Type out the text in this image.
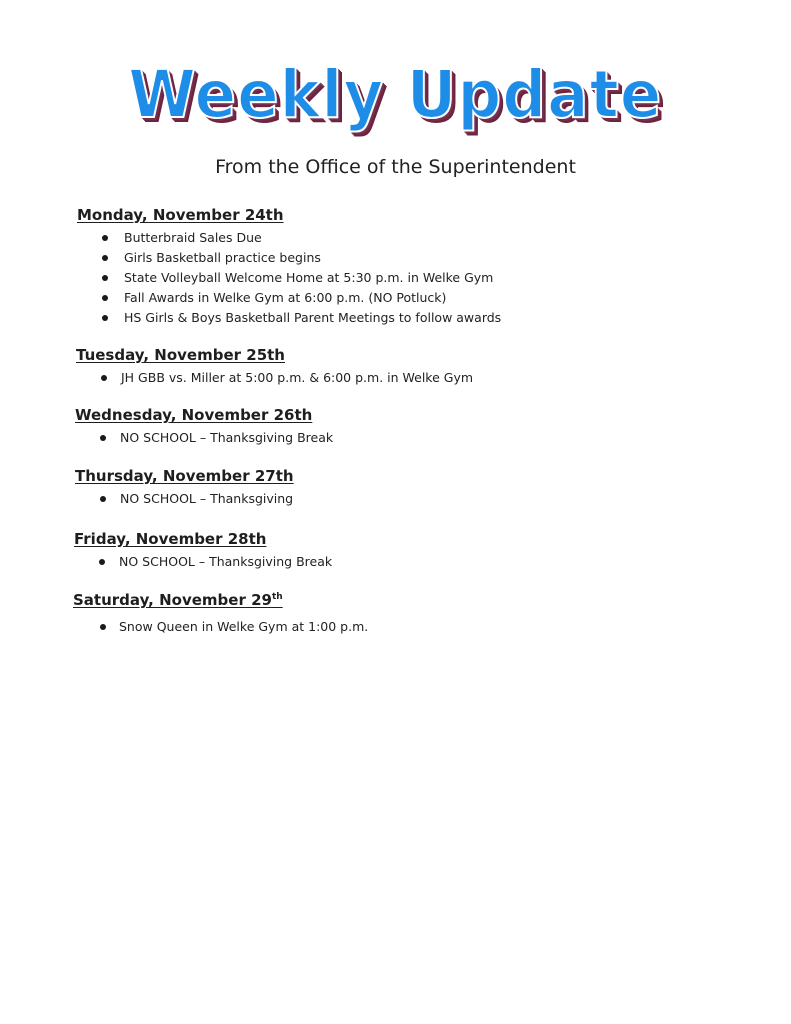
Weekly Update
From the Office of the Superintendent
Monday, November 24th
Butterbraid Sales Due
Girls Basketball practice begins
State Volleyball Welcome Home at 5:30 p.m. in Welke Gym
Fall Awards in Welke Gym at 6:00 p.m. (NO Potluck)
HS Girls & Boys Basketball Parent Meetings to follow awards
Tuesday, November 25th
JH GBB vs. Miller at 5:00 p.m. & 6:00 p.m. in Welke Gym
Wednesday, November 26th
NO SCHOOL – Thanksgiving Break
Thursday, November 27th
NO SCHOOL – Thanksgiving
Friday, November 28th
NO SCHOOL – Thanksgiving Break
Saturday, November 29th
Snow Queen in Welke Gym at 1:00 p.m.
